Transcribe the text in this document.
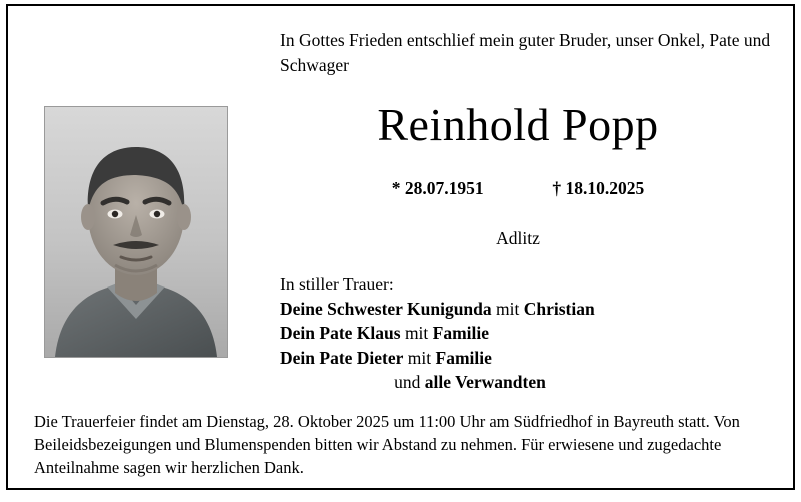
In Gottes Frieden entschlief mein guter Bruder, unser Onkel, Pate und Schwager
Reinhold Popp
* 28.07.1951	† 18.10.2025
Adlitz
In stiller Trauer:
Deine Schwester Kunigunda mit Christian
Dein Pate Klaus mit Familie
Dein Pate Dieter mit Familie
und alle Verwandten
Die Trauerfeier findet am Dienstag, 28. Oktober 2025 um 11:00 Uhr am Südfriedhof in Bayreuth statt. Von Beileidsbezeigungen und Blumenspenden bitten wir Abstand zu nehmen. Für erwiesene und zugedachte Anteilnahme sagen wir herzlichen Dank.
